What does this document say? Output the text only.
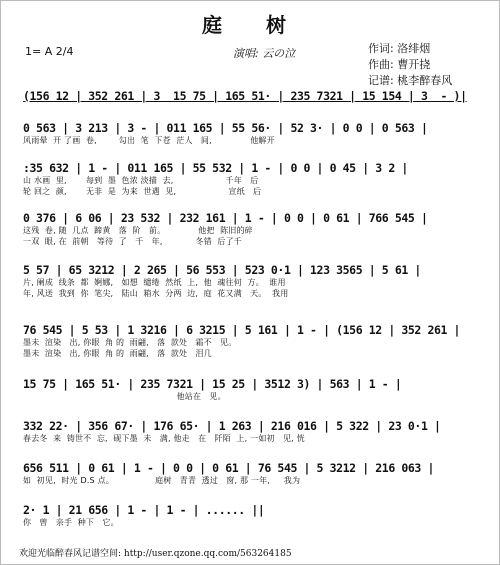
庭　树
1= A 2/4	演唱: 云の泣	作词: 洛绯烟
作曲: 曹开挠
记谱: 桃李醉春风
(156 12 | 352 261 | 3  15 75 | 165 51· | 235 7321 | 15 154 | 3  - )|
0 563 | 3 213 | 3 - | 011 165 | 55 56· | 52 3· | 0 0 | 0 563 |
风雨晕  开 了画  卷,        勾出  笔  下苍  茫人   间,              他解开
:35 632 | 1 - | 011 165 | 55 532 | 1 - | 0 0 | 0 45 | 3 2 |
山 水画  里,       每到  墨  色浓 淡描  去,                   千年   后
轮 回之  颜,       无非  是  为来  世遇  见,                   宣纸   后
0 376 | 6 06 | 23 532 | 232 161 | 1 - | 0 0 | 0 61 | 766 545 |
这残  卷, 随  几点  蹄黄   落  阶   前。            他把  陈旧的碎
一双  眼, 在  前朝   等待  了   千   年,            冬错  后了千
5 57 | 65 3212 | 2 265 | 56 553 | 523 0·1 | 123 3565 | 5 61 |
片, 阑成  线条  都  婀娜,   如想  缱绻  然纸  上,  他  魂往何  方。  谁用
年, 风送  我到  你  笔尖,   陆山  箱水  分两  边,  庭  花又满   天。  我用
76 545 | 5 53 | 1 3216 | 6 3215 | 5 161 | 1 - | (156 12 | 352 261 |
墨未  渲染   出, 你眼  角 的  雨翩,   落  款处   霜不   见。
墨未  渲染   出, 你眼  角 的  雨翩,   落  款处   泪几
15 75 | 165 51· | 235 7321 | 15 25 | 3512 3) | 563 | 1 - |
他站在   见。
332 22· | 356 67· | 176 65· | 1 263 | 216 016 | 5 322 | 23 0·1 |
春去冬  来  铸世不  忘,  砚下墨  未   满, 他走   在   阡陌  上, 一如初   见, 恍
656 511 | 0 61 | 1 - | 0 0 | 0 61 | 76 545 | 5 3212 | 216 063 |
如  初见,  时光 D.S 点。               庭树   青青  透过   窗, 那 一年,     我为
2· 1 | 21 656 | 1 - | 1 - | ...... ||
你   曾   亲手  种下   它。
欢迎光临醉春风记谱空间: http://user.qzone.qq.com/563264185
